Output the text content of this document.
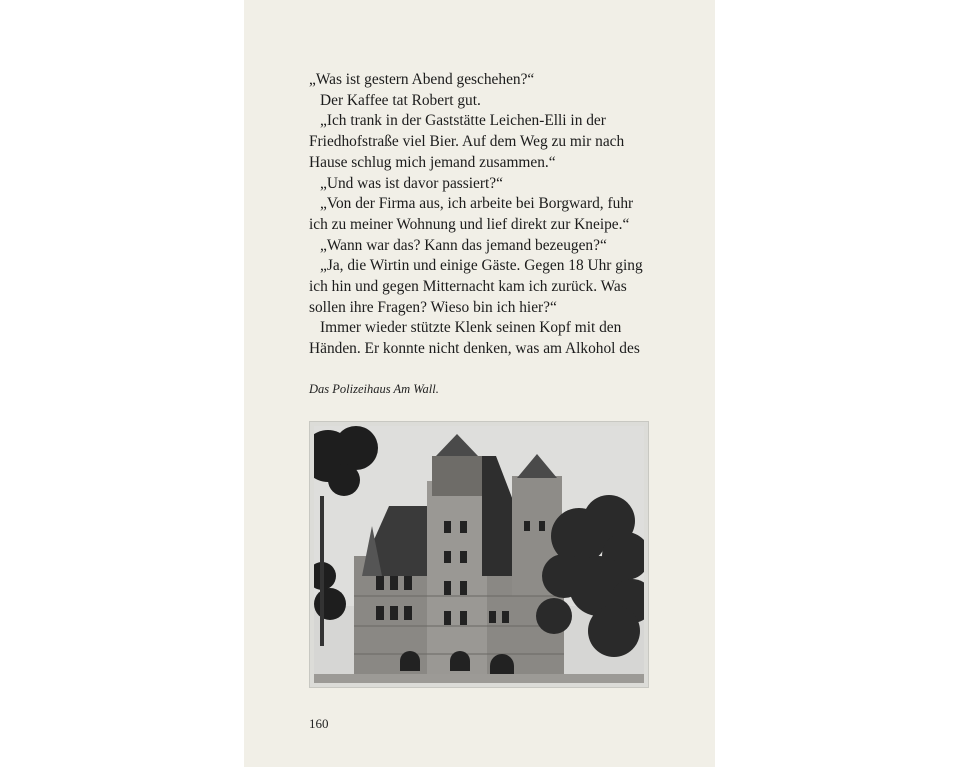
„Was ist gestern Abend geschehen?“
Der Kaffee tat Robert gut.
„Ich trank in der Gaststätte Leichen-Elli in der
Friedhofstraße viel Bier. Auf dem Weg zu mir nach
Hause schlug mich jemand zusammen.“
„Und was ist davor passiert?“
„Von der Firma aus, ich arbeite bei Borgward, fuhr
ich zu meiner Wohnung und lief direkt zur Kneipe.“
„Wann war das? Kann das jemand bezeugen?“
„Ja, die Wirtin und einige Gäste. Gegen 18 Uhr ging
ich hin und gegen Mitternacht kam ich zurück. Was
sollen ihre Fragen? Wieso bin ich hier?“
Immer wieder stützte Klenk seinen Kopf mit den
Händen. Er konnte nicht denken, was am Alkohol des
Das Polizeihaus Am Wall.
160
